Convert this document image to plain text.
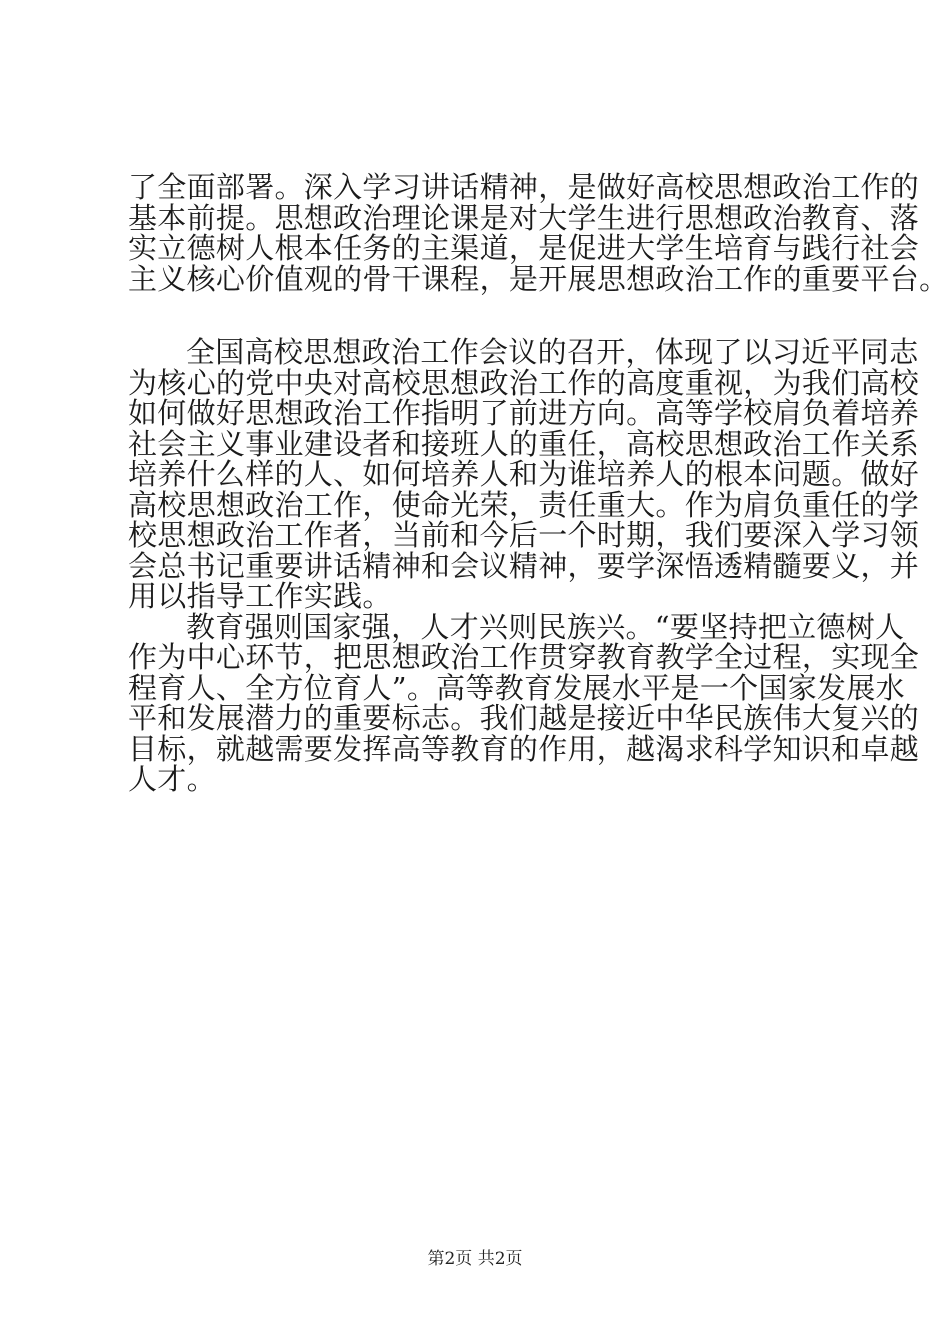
了全面部署。深入学习讲话精神，是做好高校思想政治工作的
基本前提。思想政治理论课是对大学生进行思想政治教育、落
实立德树人根本任务的主渠道，是促进大学生培育与践行社会
主义核心价值观的骨干课程，是开展思想政治工作的重要平台。
全国高校思想政治工作会议的召开，体现了以习近平同志
为核心的党中央对高校思想政治工作的高度重视，为我们高校
如何做好思想政治工作指明了前进方向。高等学校肩负着培养
社会主义事业建设者和接班人的重任，高校思想政治工作关系
培养什么样的人、如何培养人和为谁培养人的根本问题。做好
高校思想政治工作，使命光荣，责任重大。作为肩负重任的学
校思想政治工作者，当前和今后一个时期，我们要深入学习领
会总书记重要讲话精神和会议精神，要学深悟透精髓要义，并
用以指导工作实践。
教育强则国家强，人才兴则民族兴。“要坚持把立德树人
作为中心环节，把思想政治工作贯穿教育教学全过程，实现全
程育人、全方位育人”。高等教育发展水平是一个国家发展水
平和发展潜力的重要标志。我们越是接近中华民族伟大复兴的
目标，就越需要发挥高等教育的作用，越渴求科学知识和卓越
人才。
第2页 共2页
